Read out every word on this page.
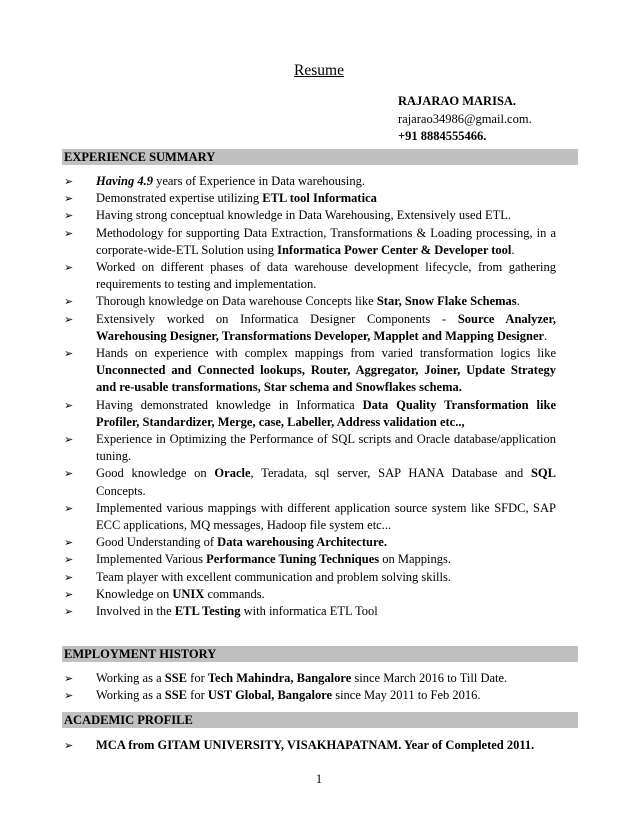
Resume
RAJARAO MARISA.
rajarao34986@gmail.com.
+91 8884555466.
EXPERIENCE SUMMARY
➢ Having 4.9 years of Experience in Data warehousing.
➢ Demonstrated expertise utilizing ETL tool Informatica
➢ Having strong conceptual knowledge in Data Warehousing, Extensively used ETL.
➢ Methodology for supporting Data Extraction, Transformations & Loading processing, in a corporate-wide-ETL Solution using Informatica Power Center & Developer tool.
➢ Worked on different phases of data warehouse development lifecycle, from gathering requirements to testing and implementation.
➢ Thorough knowledge on Data warehouse Concepts like Star, Snow Flake Schemas.
➢ Extensively worked on Informatica Designer Components - Source Analyzer, Warehousing Designer, Transformations Developer, Mapplet and Mapping Designer.
➢ Hands on experience with complex mappings from varied transformation logics like Unconnected and Connected lookups, Router, Aggregator, Joiner, Update Strategy and re-usable transformations, Star schema and Snowflakes schema.
➢ Having demonstrated knowledge in Informatica Data Quality Transformation like Profiler, Standardizer, Merge, case, Labeller, Address validation etc..,
➢ Experience in Optimizing the Performance of SQL scripts and Oracle database/application tuning.
➢ Good knowledge on Oracle, Teradata, sql server, SAP HANA Database and SQL Concepts.
➢ Implemented various mappings with different application source system like SFDC, SAP ECC applications, MQ messages, Hadoop file system etc...
➢ Good Understanding of Data warehousing Architecture.
➢ Implemented Various Performance Tuning Techniques on Mappings.
➢ Team player with excellent communication and problem solving skills.
➢ Knowledge on UNIX commands.
➢ Involved in the ETL Testing with informatica ETL Tool
EMPLOYMENT HISTORY
➢ Working as a SSE for Tech Mahindra, Bangalore since March 2016 to Till Date.
➢ Working as a SSE for UST Global, Bangalore since May 2011 to Feb 2016.
ACADEMIC PROFILE
➢ MCA from GITAM UNIVERSITY, VISAKHAPATNAM. Year of Completed 2011.
1
